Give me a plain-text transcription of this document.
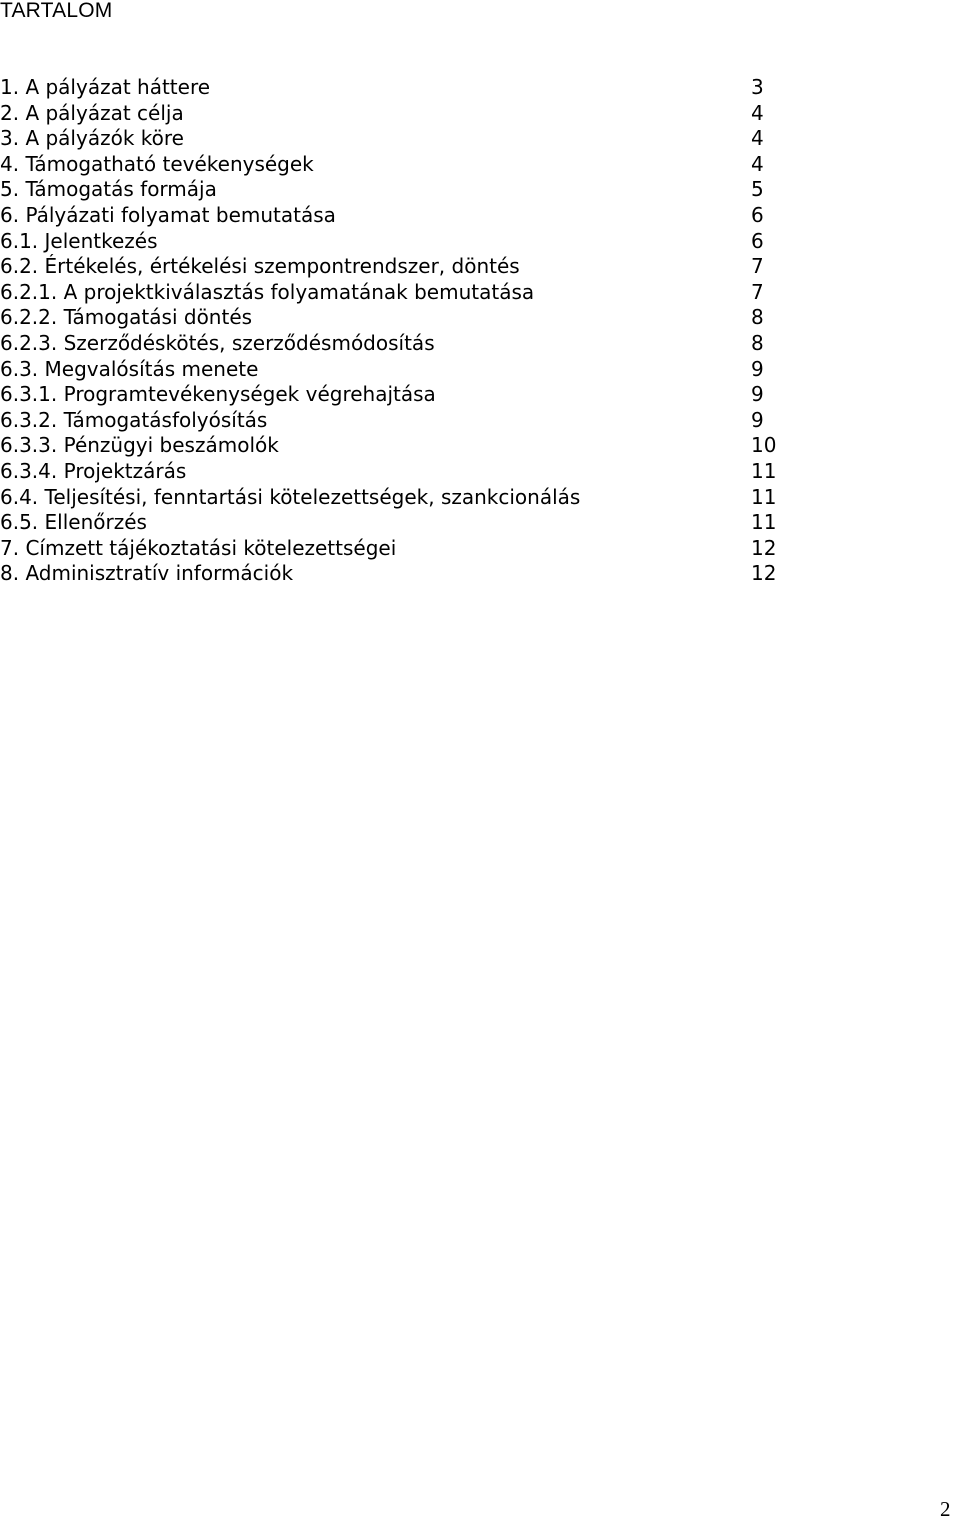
TARTALOM
1. A pályázat háttere	3
2. A pályázat célja	4
3. A pályázók köre	4
4. Támogatható tevékenységek	4
5. Támogatás formája	5
6. Pályázati folyamat bemutatása	6
6.1. Jelentkezés	6
6.2. Értékelés, értékelési szempontrendszer, döntés	7
6.2.1. A projektkiválasztás folyamatának bemutatása	7
6.2.2. Támogatási döntés	8
6.2.3. Szerződéskötés, szerződésmódosítás	8
6.3. Megvalósítás menete	9
6.3.1. Programtevékenységek végrehajtása	9
6.3.2. Támogatásfolyósítás	9
6.3.3. Pénzügyi beszámolók	10
6.3.4. Projektzárás	11
6.4. Teljesítési, fenntartási kötelezettségek, szankcionálás	11
6.5. Ellenőrzés	11
7. Címzett tájékoztatási kötelezettségei	12
8. Adminisztratív információk	12
2
